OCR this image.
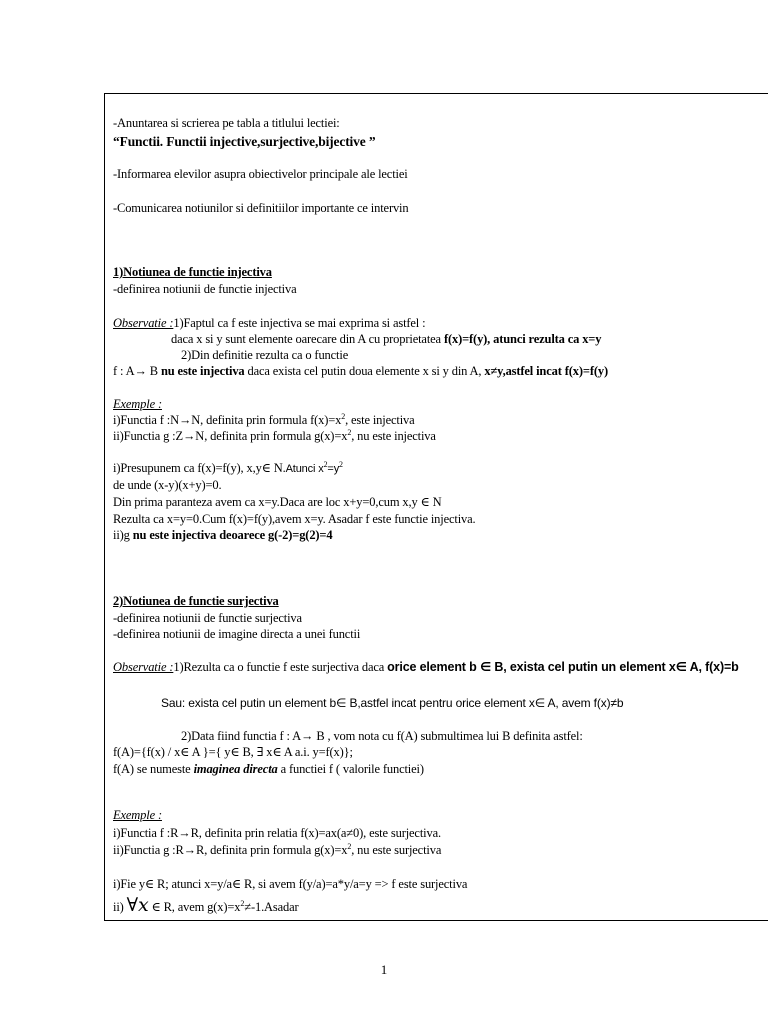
-Anuntarea si scrierea pe tabla a titlului lectiei:
“Functii. Functii injective,surjective,bijective ”
-Informarea elevilor asupra obiectivelor principale ale lectiei
-Comunicarea notiunilor si definitiilor importante ce intervin
1)Notiunea de functie injectiva
-definirea notiunii de functie injectiva
Observatie :1)Faptul ca f este injectiva se mai exprima si astfel :
daca x si y sunt elemente oarecare din A cu proprietatea f(x)=f(y), atunci rezulta ca x=y
2)Din definitie rezulta ca o functie
f : A→ B nu este injectiva daca exista cel putin doua elemente x si y din A, x≠y,astfel incat f(x)=f(y)
Exemple :
i)Functia f :N→N, definita prin formula $f(x)=x^2$, este injectiva
ii)Functia g :Z→N, definita prin formula $g(x)=x^2$, nu este injectiva
i)Presupunem ca f(x)=f(y), x,y∈ N.Atunci $x^2=y^2$
de unde (x-y)(x+y)=0.
Din prima paranteza avem ca x=y.Daca are loc x+y=0,cum x,y ∈ N
Rezulta ca x=y=0.Cum f(x)=f(y),avem x=y. Asadar f este functie injectiva.
ii)g nu este injectiva deoarece g(-2)=g(2)=4
2)Notiunea de functie surjectiva
-definirea notiunii de functie surjectiva
-definirea notiunii de imagine directa a unei functii
Observatie :1)Rezulta ca o functie f este surjectiva daca orice element b ∈ B, exista cel putin un element x∈ A, f(x)=b
Sau: exista cel putin un element b∈ B,astfel incat pentru orice element x∈ A, avem f(x)≠b
2)Data fiind functia f : A→ B , vom nota cu f(A) submultimea lui B definita astfel:
f(A)={f(x) / x∈ A }={ y∈ B, ∃ x∈ A a.i. y=f(x)};
f(A) se numeste imaginea directa a functiei f ( valorile functiei)
Exemple :
i)Functia f :R→R, definita prin relatia f(x)=ax(a≠0), este surjectiva.
ii)Functia g :R→R, definita prin formula $g(x)=x^2$, nu este surjectiva
i)Fie y∈ R; atunci x=y/a∈ R, si avem f(y/a)=a*y/a=y => f este surjectiva
ii) ∀x ∈ R, avem $g(x)=x^2\ne-1.Asadar$
1
